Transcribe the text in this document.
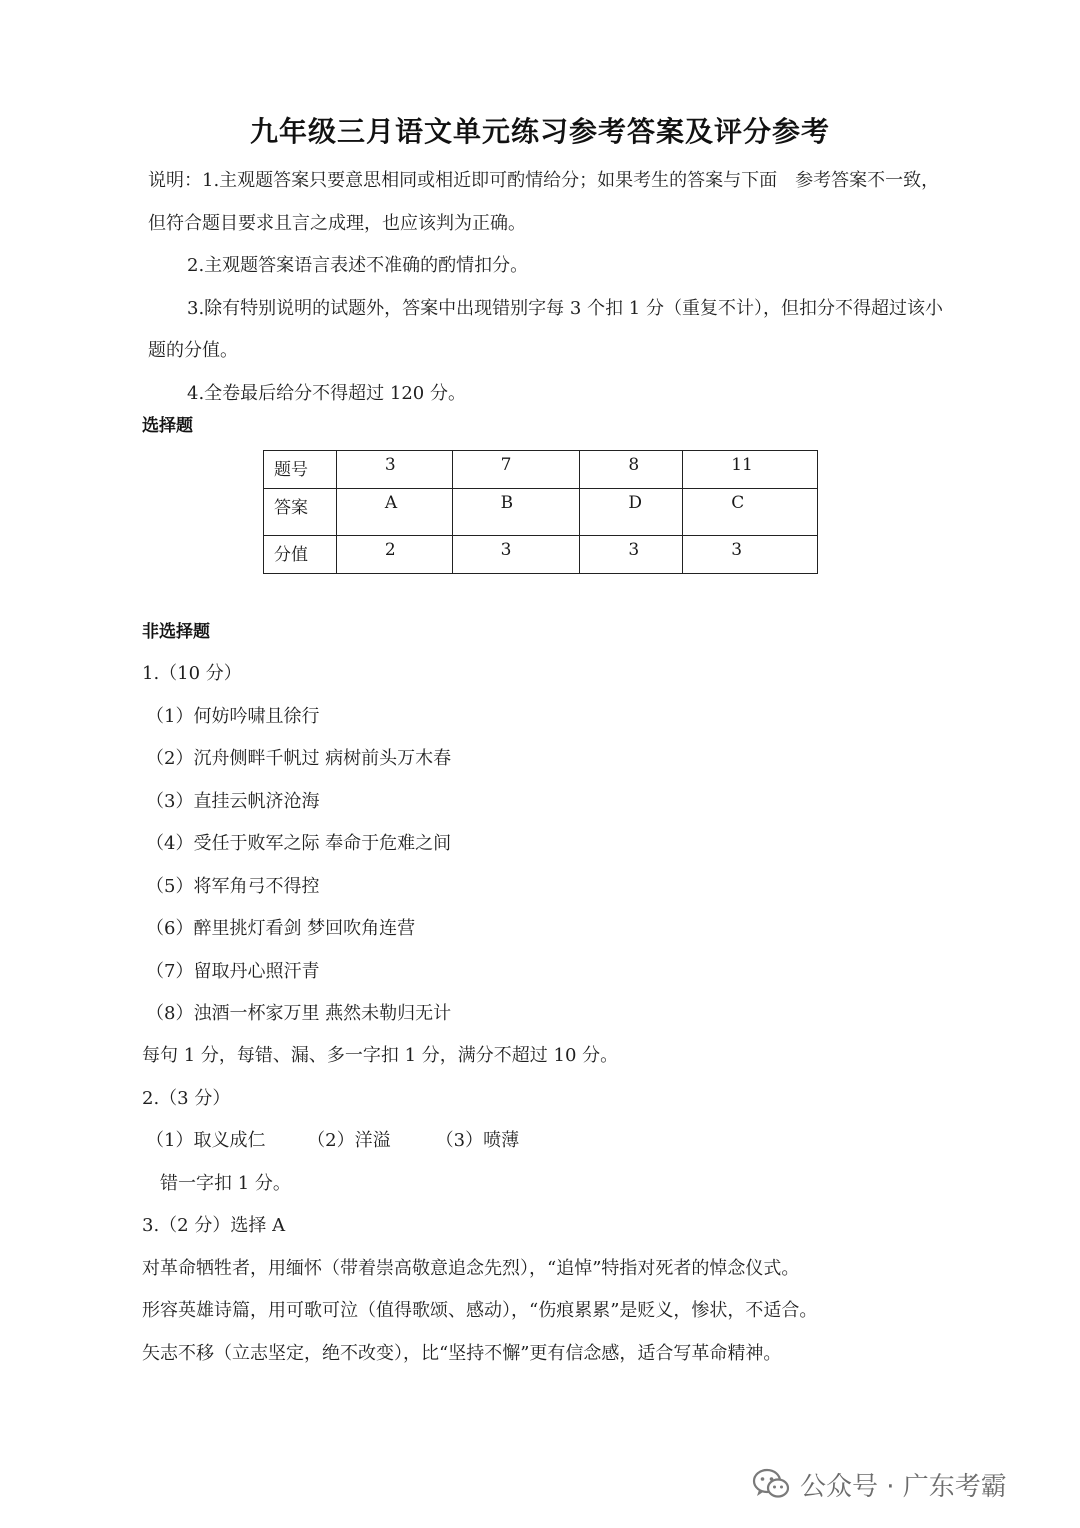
九年级三月语文单元练习参考答案及评分参考
说明：1.主观题答案只要意思相同或相近即可酌情给分；如果考生的答案与下面　参考答案不一致，
但符合题目要求且言之成理，也应该判为正确。
2.主观题答案语言表述不准确的酌情扣分。
3.除有特别说明的试题外，答案中出现错别字每 3 个扣 1 分（重复不计），但扣分不得超过该小
题的分值。
4.全卷最后给分不得超过 120 分。
选择题
题号	3	7	8	11
答案	A	B	D	C
分值	2	3	3	3
非选择题
1.（10 分）
（1）何妨吟啸且徐行
（2）沉舟侧畔千帆过 病树前头万木春
（3）直挂云帆济沧海
（4）受任于败军之际 奉命于危难之间
（5）将军角弓不得控
（6）醉里挑灯看剑 梦回吹角连营
（7）留取丹心照汗青
（8）浊酒一杯家万里 燕然未勒归无计
每句 1 分，每错、漏、多一字扣 1 分，满分不超过 10 分。
2.（3 分）
（1）取义成仁　　 （2）洋溢　　　（3）喷薄
错一字扣 1 分。
3.（2 分）选择 A
对革命牺牲者，用缅怀（带着崇高敬意追念先烈），“追悼”特指对死者的悼念仪式。
形容英雄诗篇，用可歌可泣（值得歌颂、感动），“伤痕累累”是贬义，惨状，不适合。
矢志不移（立志坚定，绝不改变），比“坚持不懈”更有信念感，适合写革命精神。
公众号 · 广东考霸
